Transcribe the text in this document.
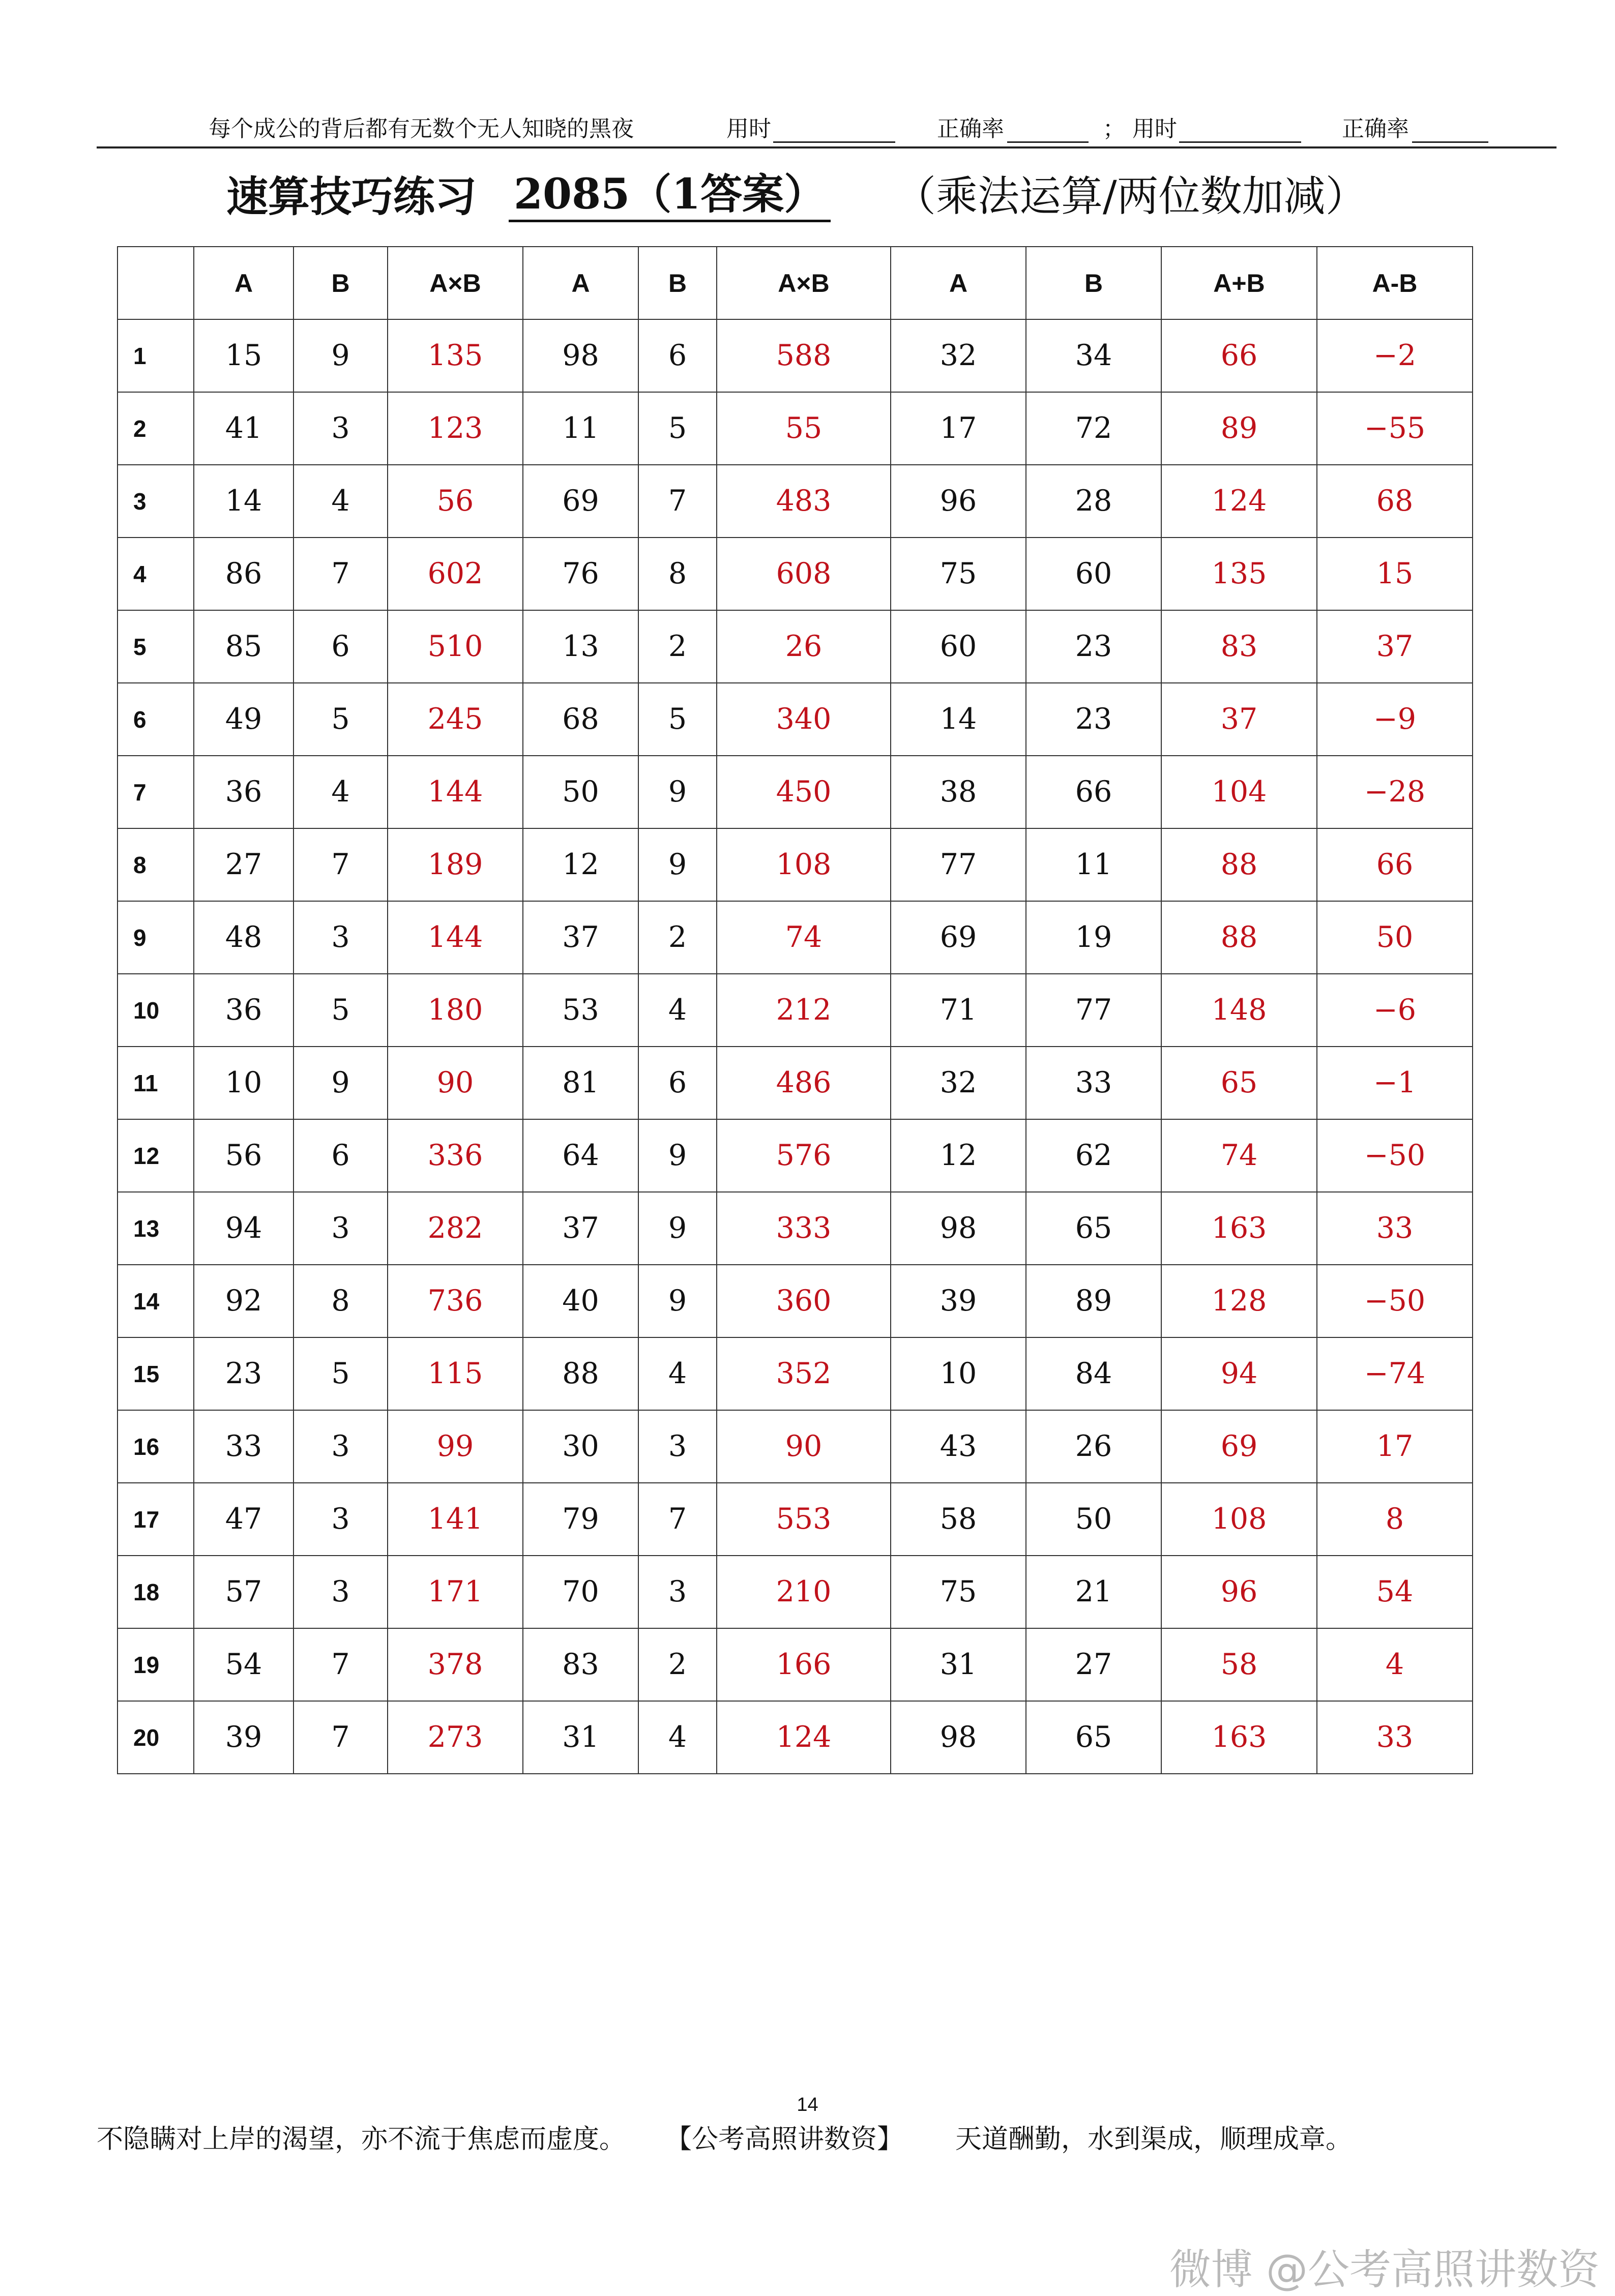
每个成公的背后都有无数个无人知晓的黑夜	用时	正确率	； 用时	正确率
速算技巧练习 2085（1答案） （乘法运算/两位数加减）
	A	B	A×B	A	B	A×B	A	B	A+B	A-B
1	15	9	135	98	6	588	32	34	66	−2
2	41	3	123	11	5	55	17	72	89	−55
3	14	4	56	69	7	483	96	28	124	68
4	86	7	602	76	8	608	75	60	135	15
5	85	6	510	13	2	26	60	23	83	37
6	49	5	245	68	5	340	14	23	37	−9
7	36	4	144	50	9	450	38	66	104	−28
8	27	7	189	12	9	108	77	11	88	66
9	48	3	144	37	2	74	69	19	88	50
10	36	5	180	53	4	212	71	77	148	−6
11	10	9	90	81	6	486	32	33	65	−1
12	56	6	336	64	9	576	12	62	74	−50
13	94	3	282	37	9	333	98	65	163	33
14	92	8	736	40	9	360	39	89	128	−50
15	23	5	115	88	4	352	10	84	94	−74
16	33	3	99	30	3	90	43	26	69	17
17	47	3	141	79	7	553	58	50	108	8
18	57	3	171	70	3	210	75	21	96	54
19	54	7	378	83	2	166	31	27	58	4
20	39	7	273	31	4	124	98	65	163	33
14
不隐瞒对上岸的渴望，亦不流于焦虑而虚度。 【公考高照讲数资】 天道酬勤，水到渠成，顺理成章。
微博 @公考高照讲数资
